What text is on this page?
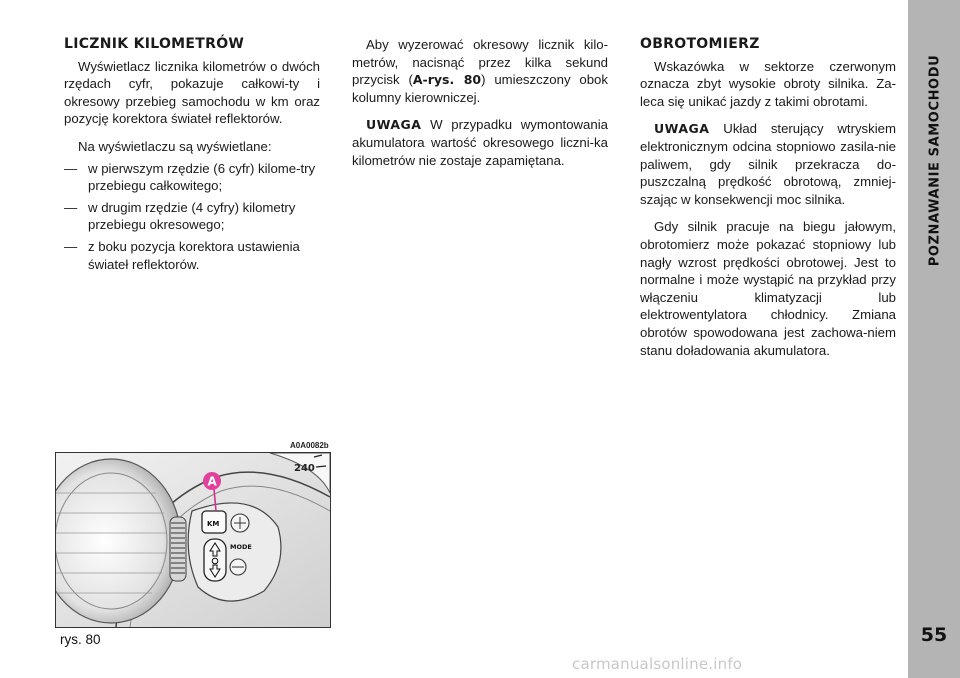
POZNAWANIE SAMOCHODU
55
LICZNIK KILOMETRÓW

Wyświetlacz licznika kilometrów o dwóch rzędach cyfr, pokazuje całkowi-ty i okresowy przebieg samochodu w km oraz pozycję korektora świateł reflektorów.

Na wyświetlaczu są wyświetlane:

— w pierwszym rzędzie (6 cyfr) kilome-try przebiegu całkowitego;
— w drugim rzędzie (4 cyfry) kilometry przebiegu okresowego;
— z boku pozycja korektora ustawienia świateł reflektorów.

Aby wyzerować okresowy licznik kilo-metrów, nacisnąć przez kilka sekund przycisk (A-rys. 80) umieszczony obok kolumny kierowniczej.

UWAGA W przypadku wymontowania akumulatora wartość okresowego liczni-ka kilometrów nie zostaje zapamiętana.

OBROTOMIERZ

Wskazówka w sektorze czerwonym oznacza zbyt wysokie obroty silnika. Za-leca się unikać jazdy z takimi obrotami.

UWAGA Układ sterujący wtryskiem elektronicznym odcina stopniowo zasila-nie paliwem, gdy silnik przekracza do-puszczalną prędkość obrotową, zmniej-szając w konsekwencji moc silnika.

Gdy silnik pracuje na biegu jałowym, obrotomierz może pokazać stopniowy lub nagły wzrost prędkości obrotowej. Jest to normalne i może wystąpić na przykład przy włączeniu klimatyzacji lub elektrowentylatora chłodnicy. Zmiana obrotów spowodowana jest zachowa-niem stanu doładowania akumulatora.

A0A0082b
240
KM
MODE
A
rys. 80
carmanualsonline.info
